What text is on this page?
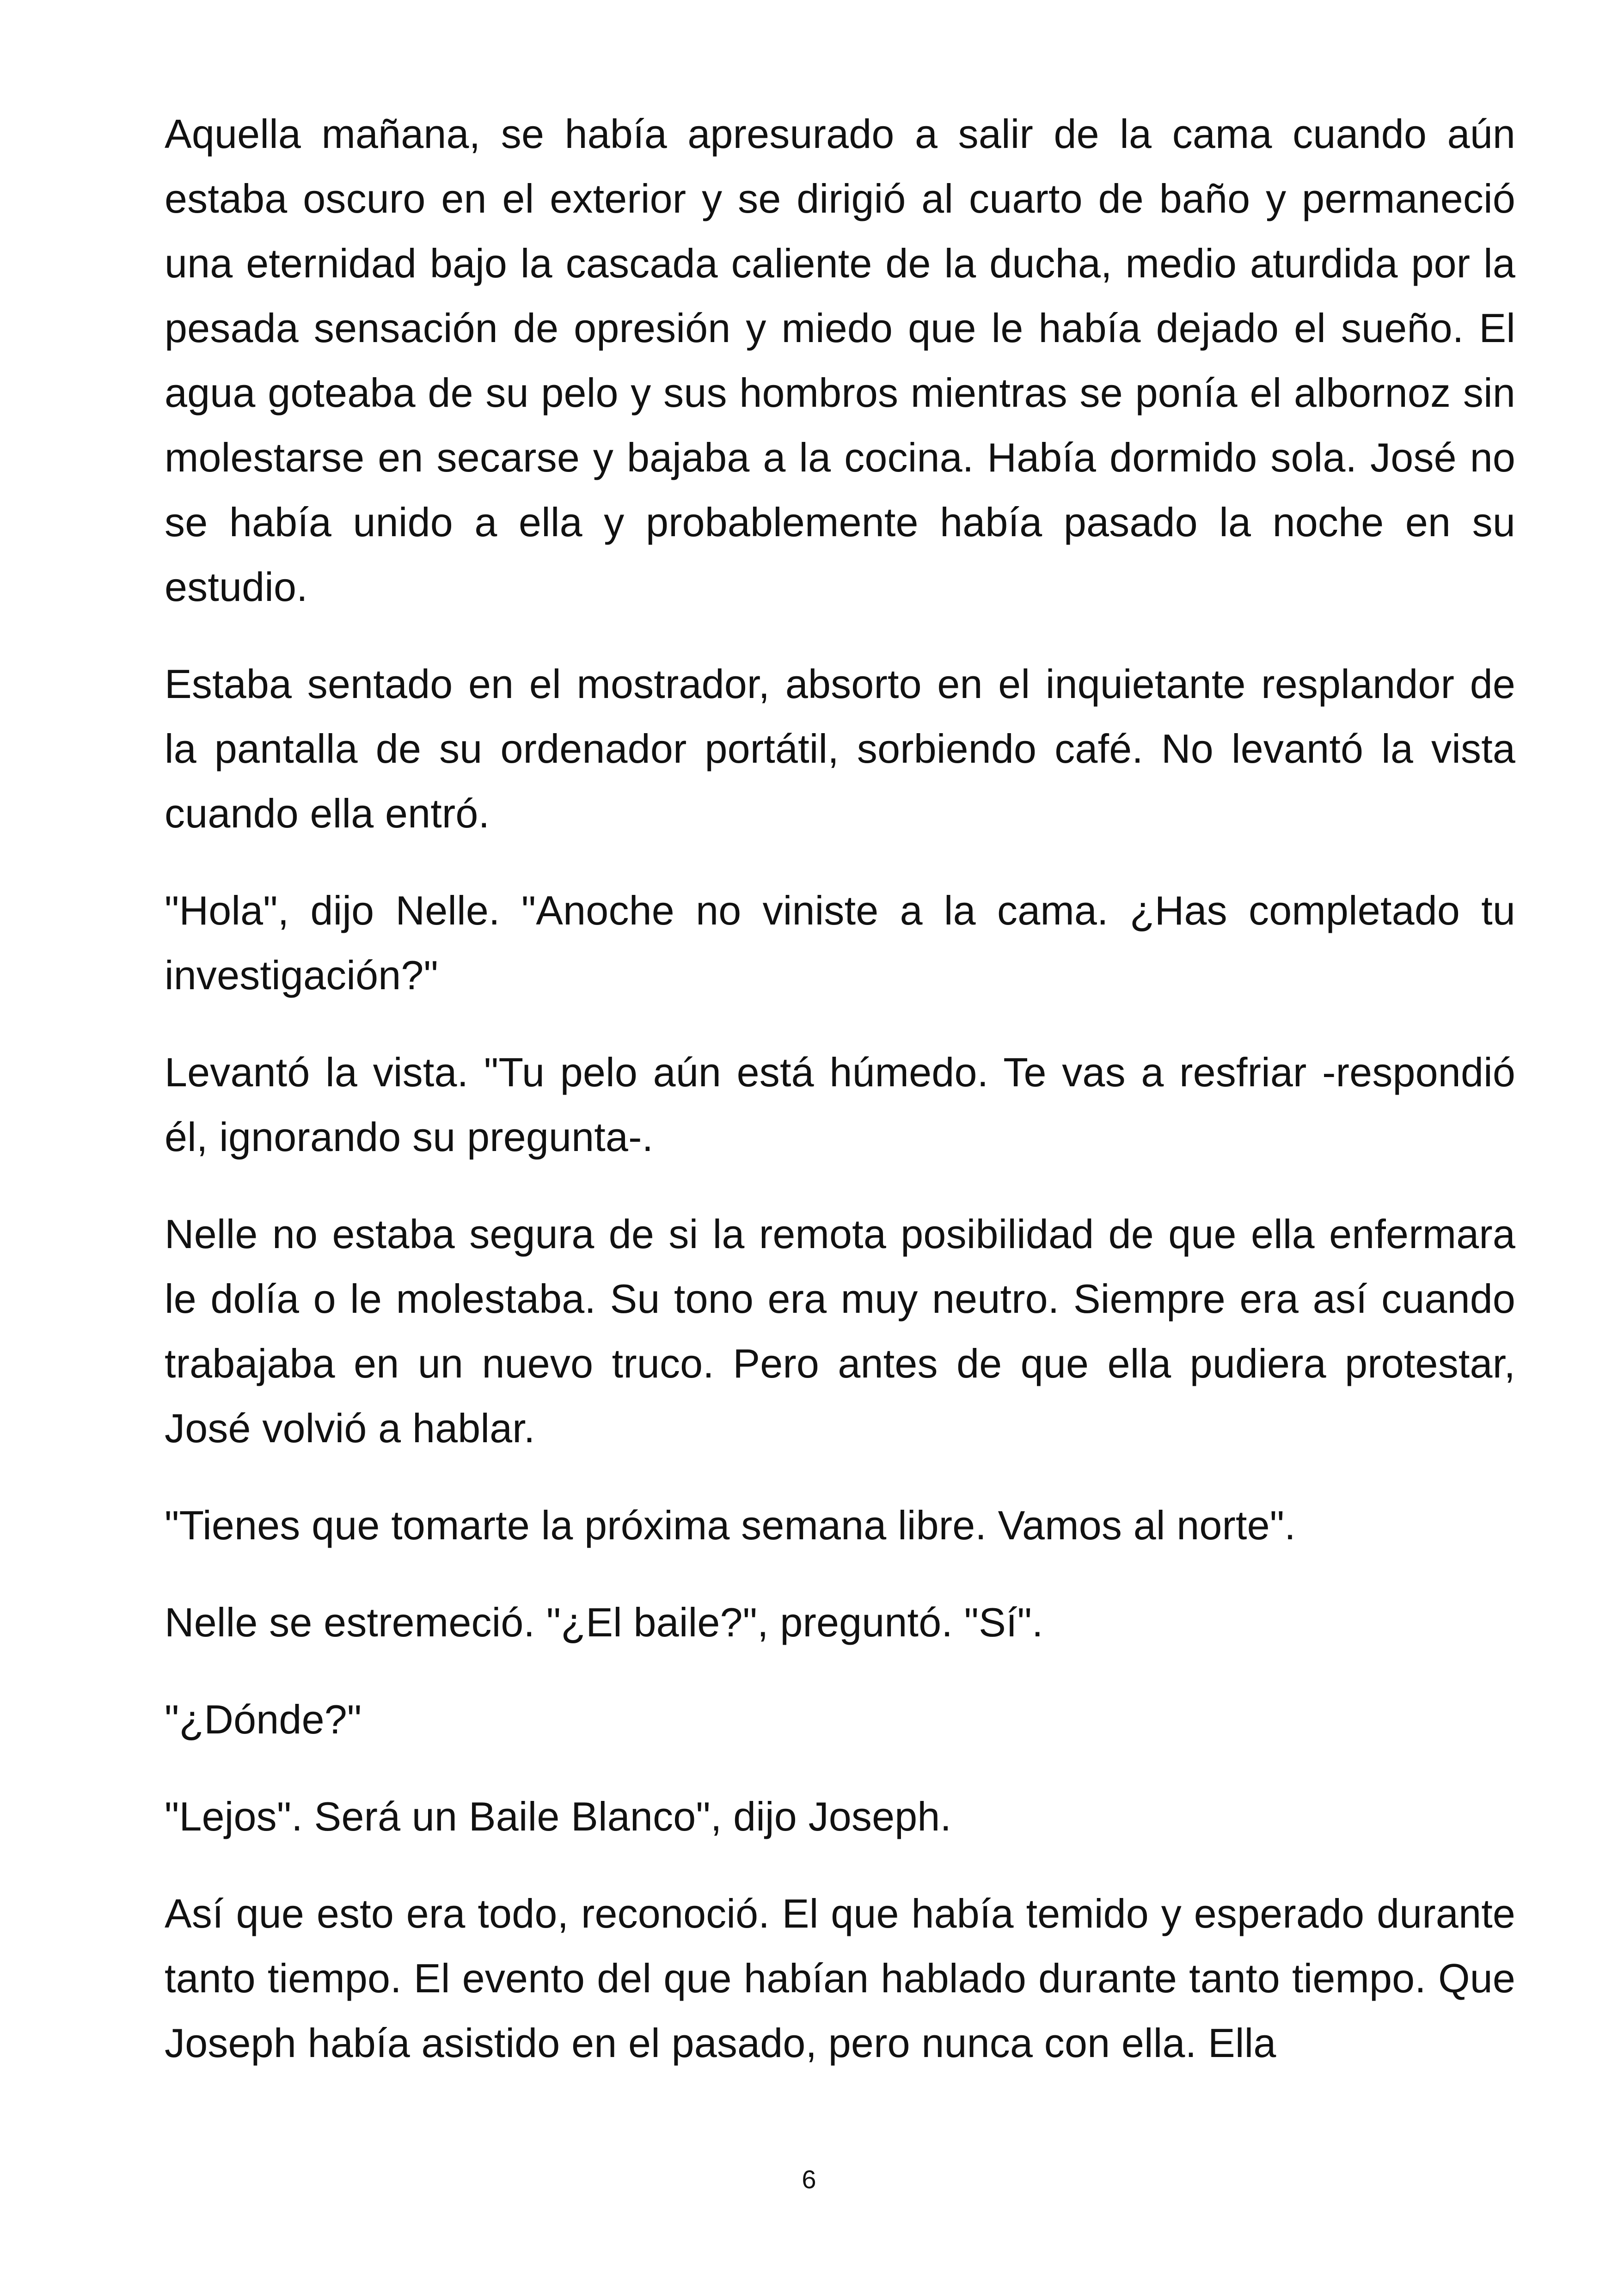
Aquella mañana, se había apresurado a salir de la cama cuando aún estaba oscuro en el exterior y se dirigió al cuarto de baño y permaneció una eternidad bajo la cascada caliente de la ducha, medio aturdida por la pesada sensación de opresión y miedo que le había dejado el sueño. El agua goteaba de su pelo y sus hombros mientras se ponía el albornoz sin molestarse en secarse y bajaba a la cocina. Había dormido sola. José no se había unido a ella y probablemente había pasado la noche en su estudio.

Estaba sentado en el mostrador, absorto en el inquietante resplandor de la pantalla de su ordenador portátil, sorbiendo café. No levantó la vista cuando ella entró.

"Hola", dijo Nelle. "Anoche no viniste a la cama. ¿Has completado tu investigación?"

Levantó la vista. "Tu pelo aún está húmedo. Te vas a resfriar -respondió él, ignorando su pregunta-.

Nelle no estaba segura de si la remota posibilidad de que ella enfermara le dolía o le molestaba. Su tono era muy neutro. Siempre era así cuando trabajaba en un nuevo truco. Pero antes de que ella pudiera protestar, José volvió a hablar.

"Tienes que tomarte la próxima semana libre. Vamos al norte".

Nelle se estremeció. "¿El baile?", preguntó. "Sí".

"¿Dónde?"

"Lejos". Será un Baile Blanco", dijo Joseph.

Así que esto era todo, reconoció. El que había temido y esperado durante tanto tiempo. El evento del que habían hablado durante tanto tiempo. Que Joseph había asistido en el pasado, pero nunca con ella. Ella

6
